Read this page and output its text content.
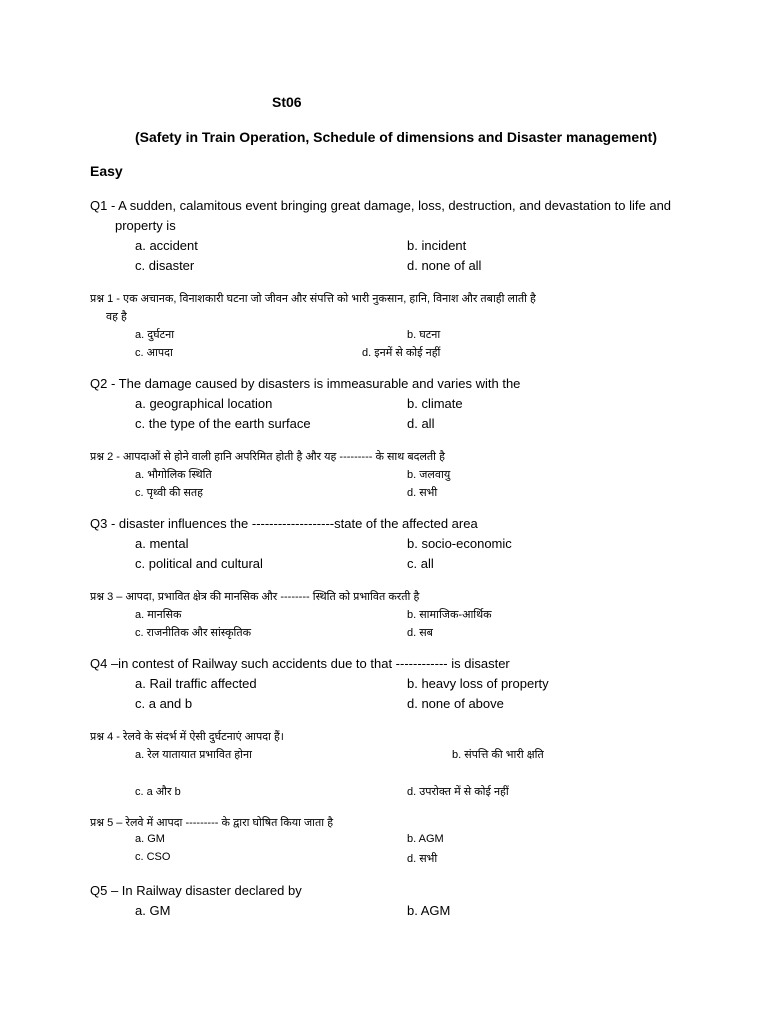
St06
(Safety in Train Operation, Schedule of dimensions and Disaster management)
Easy
Q1 - A sudden, calamitous event bringing great damage, loss, destruction, and devastation to life and
property is
a. accident	b. incident
c. disaster	d. none of all
प्रश्न 1 - एक अचानक, विनाशकारी घटना जो जीवन और संपत्ति को भारी नुकसान, हानि, विनाश और तबाही लाती है
वह है
a. दुर्घटना	b. घटना
c. आपदा	d. इनमें से कोई नहीं
Q2 - The damage caused by disasters is immeasurable and varies with the
a. geographical location	b. climate
c. the type of the earth surface	d. all
प्रश्न 2 - आपदाओं से होने वाली हानि अपरिमित होती है और यह --------- के साथ बदलती है
a. भौगोलिक स्थिति	b. जलवायु
c. पृथ्वी की सतह	d. सभी
Q3 - disaster influences the -------------------state of the affected area
a. mental	b. socio-economic
c. political and cultural	c. all
प्रश्न 3 – आपदा, प्रभावित क्षेत्र की मानसिक और -------- स्थिति को प्रभावित करती है
a. मानसिक	b. सामाजिक-आर्थिक
c. राजनीतिक और सांस्कृतिक	d. सब
Q4 –in contest of Railway such accidents due to that ------------ is disaster
a. Rail traffic affected	b. heavy loss of property
c. a and b	d. none of above
प्रश्न 4 - रेलवे के संदर्भ में ऐसी दुर्घटनाएं आपदा हैं।
a. रेल यातायात प्रभावित होना	b. संपत्ति की भारी क्षति
c. a और b	d. उपरोक्त में से कोई नहीं
प्रश्न 5 – रेलवे में आपदा --------- के द्वारा घोषित किया जाता है
a. GM	b. AGM
c. CSO	d. सभी
Q5 – In Railway disaster declared by
a. GM	b. AGM
